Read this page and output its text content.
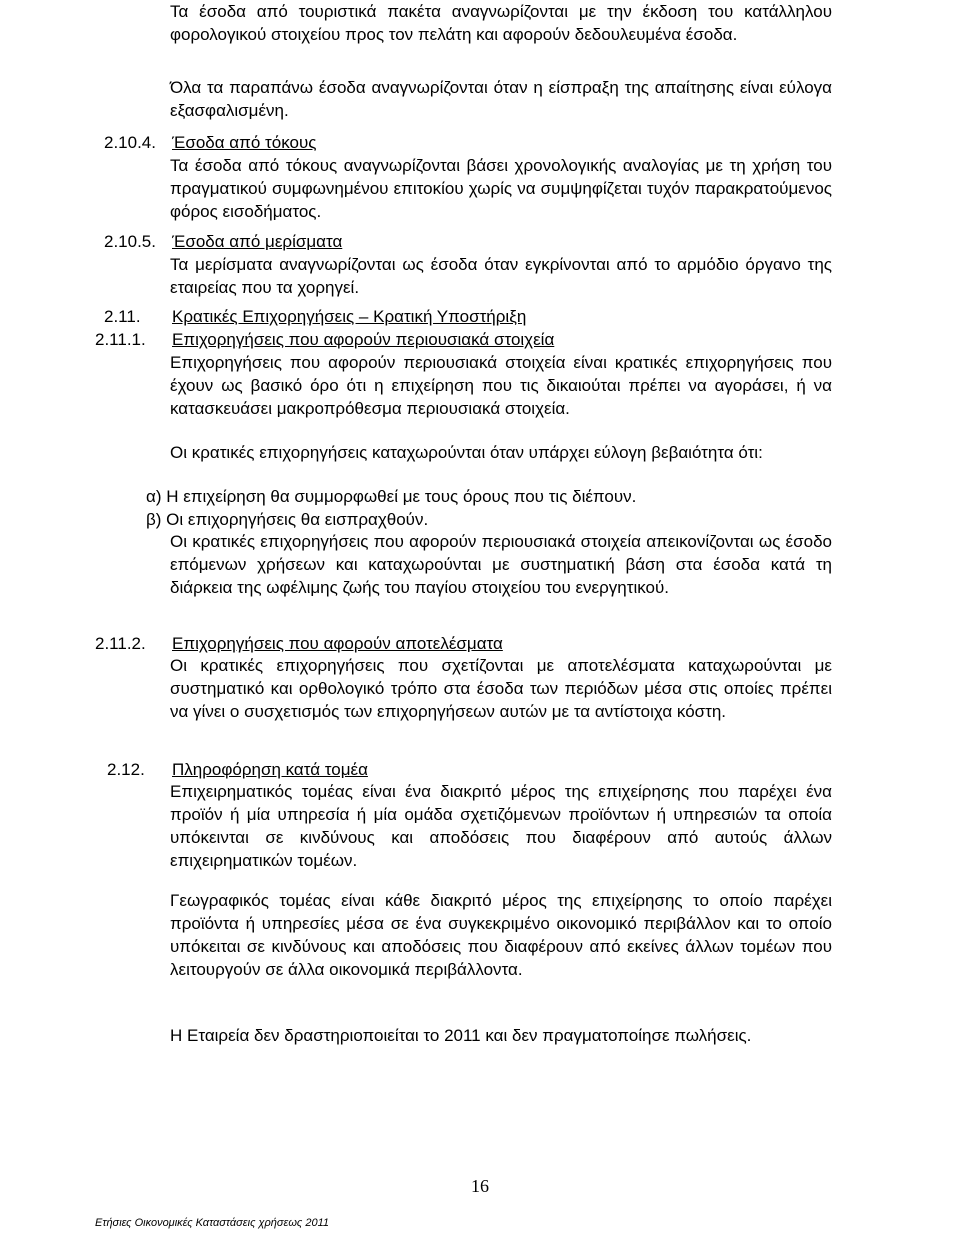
Τα έσοδα από τουριστικά πακέτα αναγνωρίζονται με την έκδοση του κατάλληλου φορολογικού στοιχείου προς τον πελάτη και αφορούν δεδουλευμένα έσοδα.

Όλα τα παραπάνω έσοδα αναγνωρίζονται όταν η είσπραξη της απαίτησης είναι εύλογα εξασφαλισμένη.

2.10.4. Έσοδα από τόκους

Τα έσοδα από τόκους αναγνωρίζονται βάσει χρονολογικής αναλογίας με τη χρήση του πραγματικού συμφωνημένου επιτοκίου χωρίς να συμψηφίζεται τυχόν παρακρατούμενος φόρος εισοδήματος.

2.10.5. Έσοδα από μερίσματα

Τα μερίσματα αναγνωρίζονται ως έσοδα όταν εγκρίνονται από το αρμόδιο όργανο της εταιρείας που τα χορηγεί.

2.11. Κρατικές Επιχορηγήσεις – Κρατική Υποστήριξη
2.11.1. Επιχορηγήσεις που αφορούν περιουσιακά στοιχεία

Επιχορηγήσεις που αφορούν περιουσιακά στοιχεία είναι κρατικές επιχορηγήσεις που έχουν ως βασικό όρο ότι η επιχείρηση που τις δικαιούται πρέπει να αγοράσει, ή να κατασκευάσει μακροπρόθεσμα περιουσιακά στοιχεία.

Οι κρατικές επιχορηγήσεις καταχωρούνται όταν υπάρχει εύλογη βεβαιότητα ότι:

α) Η επιχείρηση θα συμμορφωθεί με τους όρους που τις διέπουν.
β) Οι επιχορηγήσεις θα εισπραχθούν.

Οι κρατικές επιχορηγήσεις που αφορούν περιουσιακά στοιχεία απεικονίζονται ως έσοδο επόμενων χρήσεων και καταχωρούνται με συστηματική βάση στα έσοδα κατά τη διάρκεια της ωφέλιμης ζωής του παγίου στοιχείου του ενεργητικού.

2.11.2. Επιχορηγήσεις που αφορούν αποτελέσματα

Οι κρατικές επιχορηγήσεις που σχετίζονται με αποτελέσματα καταχωρούνται με συστηματικό και ορθολογικό τρόπο στα έσοδα των περιόδων μέσα στις οποίες πρέπει να γίνει ο συσχετισμός των επιχορηγήσεων αυτών με τα αντίστοιχα κόστη.

2.12. Πληροφόρηση κατά τομέα

Επιχειρηματικός τομέας είναι ένα διακριτό μέρος της επιχείρησης που παρέχει ένα προϊόν ή μία υπηρεσία ή μία ομάδα σχετιζόμενων προϊόντων ή υπηρεσιών τα οποία υπόκεινται σε κινδύνους και αποδόσεις που διαφέρουν από αυτούς άλλων επιχειρηματικών τομέων.

Γεωγραφικός τομέας είναι κάθε διακριτό μέρος της επιχείρησης το οποίο παρέχει προϊόντα ή υπηρεσίες μέσα σε ένα συγκεκριμένο οικονομικό περιβάλλον και το οποίο υπόκειται σε κινδύνους και αποδόσεις που διαφέρουν από εκείνες άλλων τομέων που λειτουργούν σε άλλα οικονομικά περιβάλλοντα.

Η Εταιρεία δεν δραστηριοποιείται το 2011 και δεν πραγματοποίησε πωλήσεις.

16
Ετήσιες Οικονομικές Καταστάσεις χρήσεως 2011
